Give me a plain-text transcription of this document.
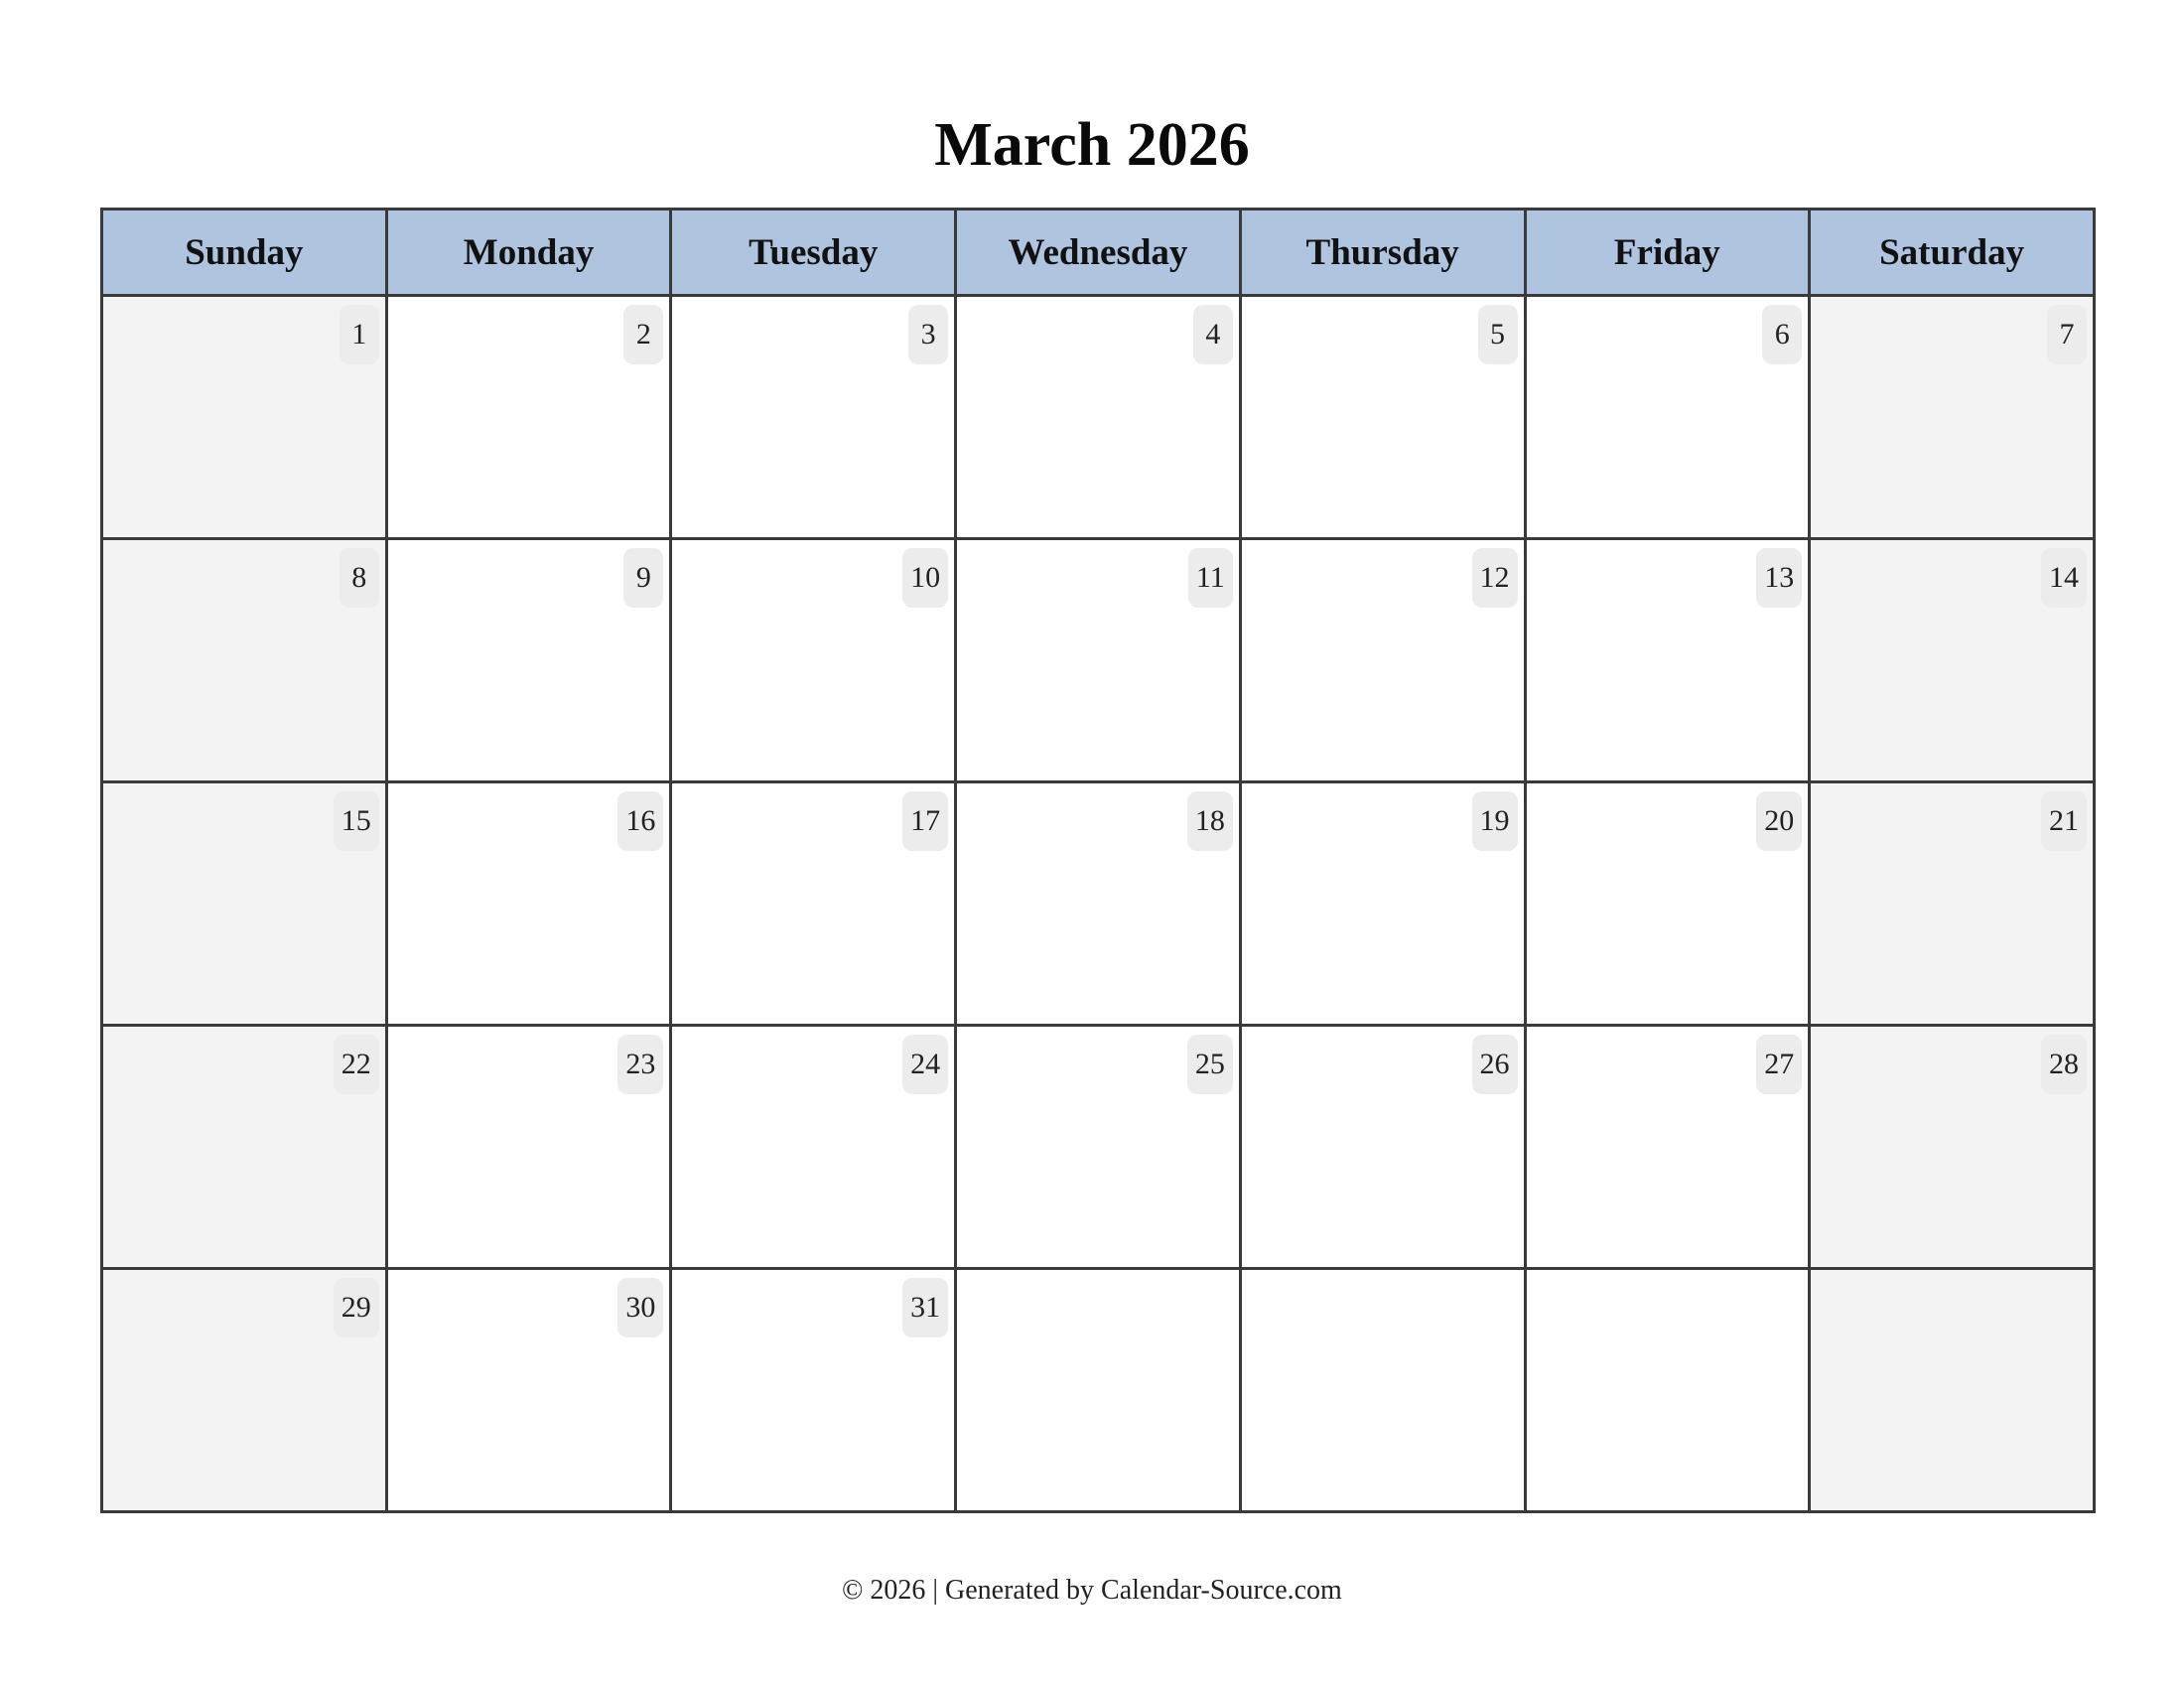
March 2026
Sunday	Monday	Tuesday	Wednesday	Thursday	Friday	Saturday

1	2	3	4	5	6	7

8	9	10	11	12	13	14

15	16	17	18	19	20	21

22	23	24	25	26	27	28

29	30	31				

© 2026 | Generated by Calendar-Source.com
